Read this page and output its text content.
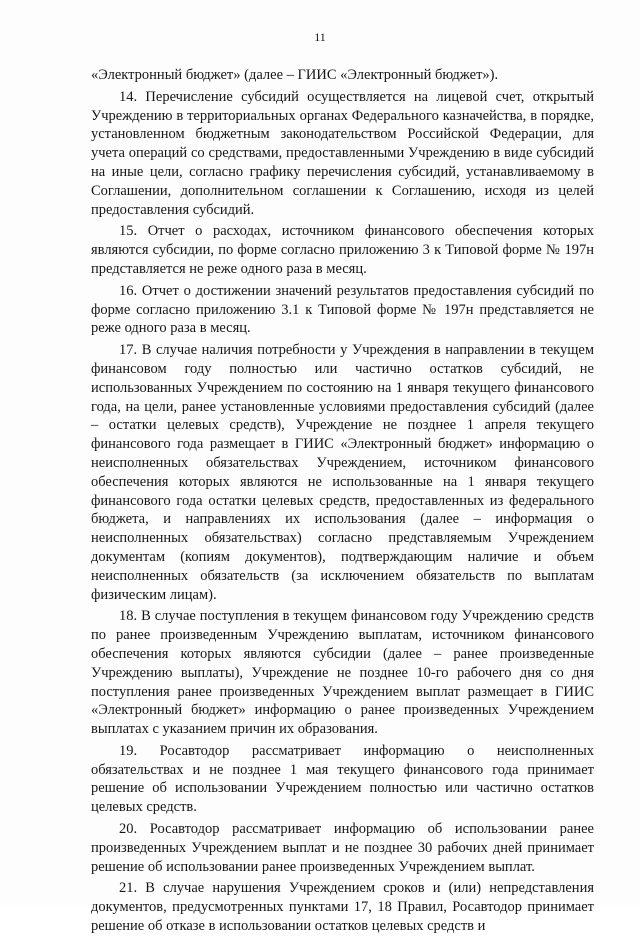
11

«Электронный бюджет» (далее – ГИИС «Электронный бюджет»).

14. Перечисление субсидий осуществляется на лицевой счет, открытый Учреждению в территориальных органах Федерального казначейства, в порядке, установленном бюджетным законодательством Российской Федерации, для учета операций со средствами, предоставленными Учреждению в виде субсидий на иные цели, согласно графику перечисления субсидий, устанавливаемому в Соглашении, дополнительном соглашении к Соглашению, исходя из целей предоставления субсидий.

15. Отчет о расходах, источником финансового обеспечения которых являются субсидии, по форме согласно приложению 3 к Типовой форме № 197н представляется не реже одного раза в месяц.

16. Отчет о достижении значений результатов предоставления субсидий по форме согласно приложению 3.1 к Типовой форме № 197н представляется не реже одного раза в месяц.

17. В случае наличия потребности у Учреждения в направлении в текущем финансовом году полностью или частично остатков субсидий, не использованных Учреждением по состоянию на 1 января текущего финансового года, на цели, ранее установленные условиями предоставления субсидий (далее – остатки целевых средств), Учреждение не позднее 1 апреля текущего финансового года размещает в ГИИС «Электронный бюджет» информацию о неисполненных обязательствах Учреждением, источником финансового обеспечения которых являются не использованные на 1 января текущего финансового года остатки целевых средств, предоставленных из федерального бюджета, и направлениях их использования (далее – информация о неисполненных обязательствах) согласно представляемым Учреждением документам (копиям документов), подтверждающим наличие и объем неисполненных обязательств (за исключением обязательств по выплатам физическим лицам).

18. В случае поступления в текущем финансовом году Учреждению средств по ранее произведенным Учреждению выплатам, источником финансового обеспечения которых являются субсидии (далее – ранее произведенные Учреждению выплаты), Учреждение не позднее 10-го рабочего дня со дня поступления ранее произведенных Учреждением выплат размещает в ГИИС «Электронный бюджет» информацию о ранее произведенных Учреждением выплатах с указанием причин их образования.

19. Росавтодор рассматривает информацию о неисполненных обязательствах и не позднее 1 мая текущего финансового года принимает решение об использовании Учреждением полностью или частично остатков целевых средств.

20. Росавтодор рассматривает информацию об использовании ранее произведенных Учреждением выплат и не позднее 30 рабочих дней принимает решение об использовании ранее произведенных Учреждением выплат.

21. В случае нарушения Учреждением сроков и (или) непредставления документов, предусмотренных пунктами 17, 18 Правил, Росавтодор принимает решение об отказе в использовании остатков целевых средств и
